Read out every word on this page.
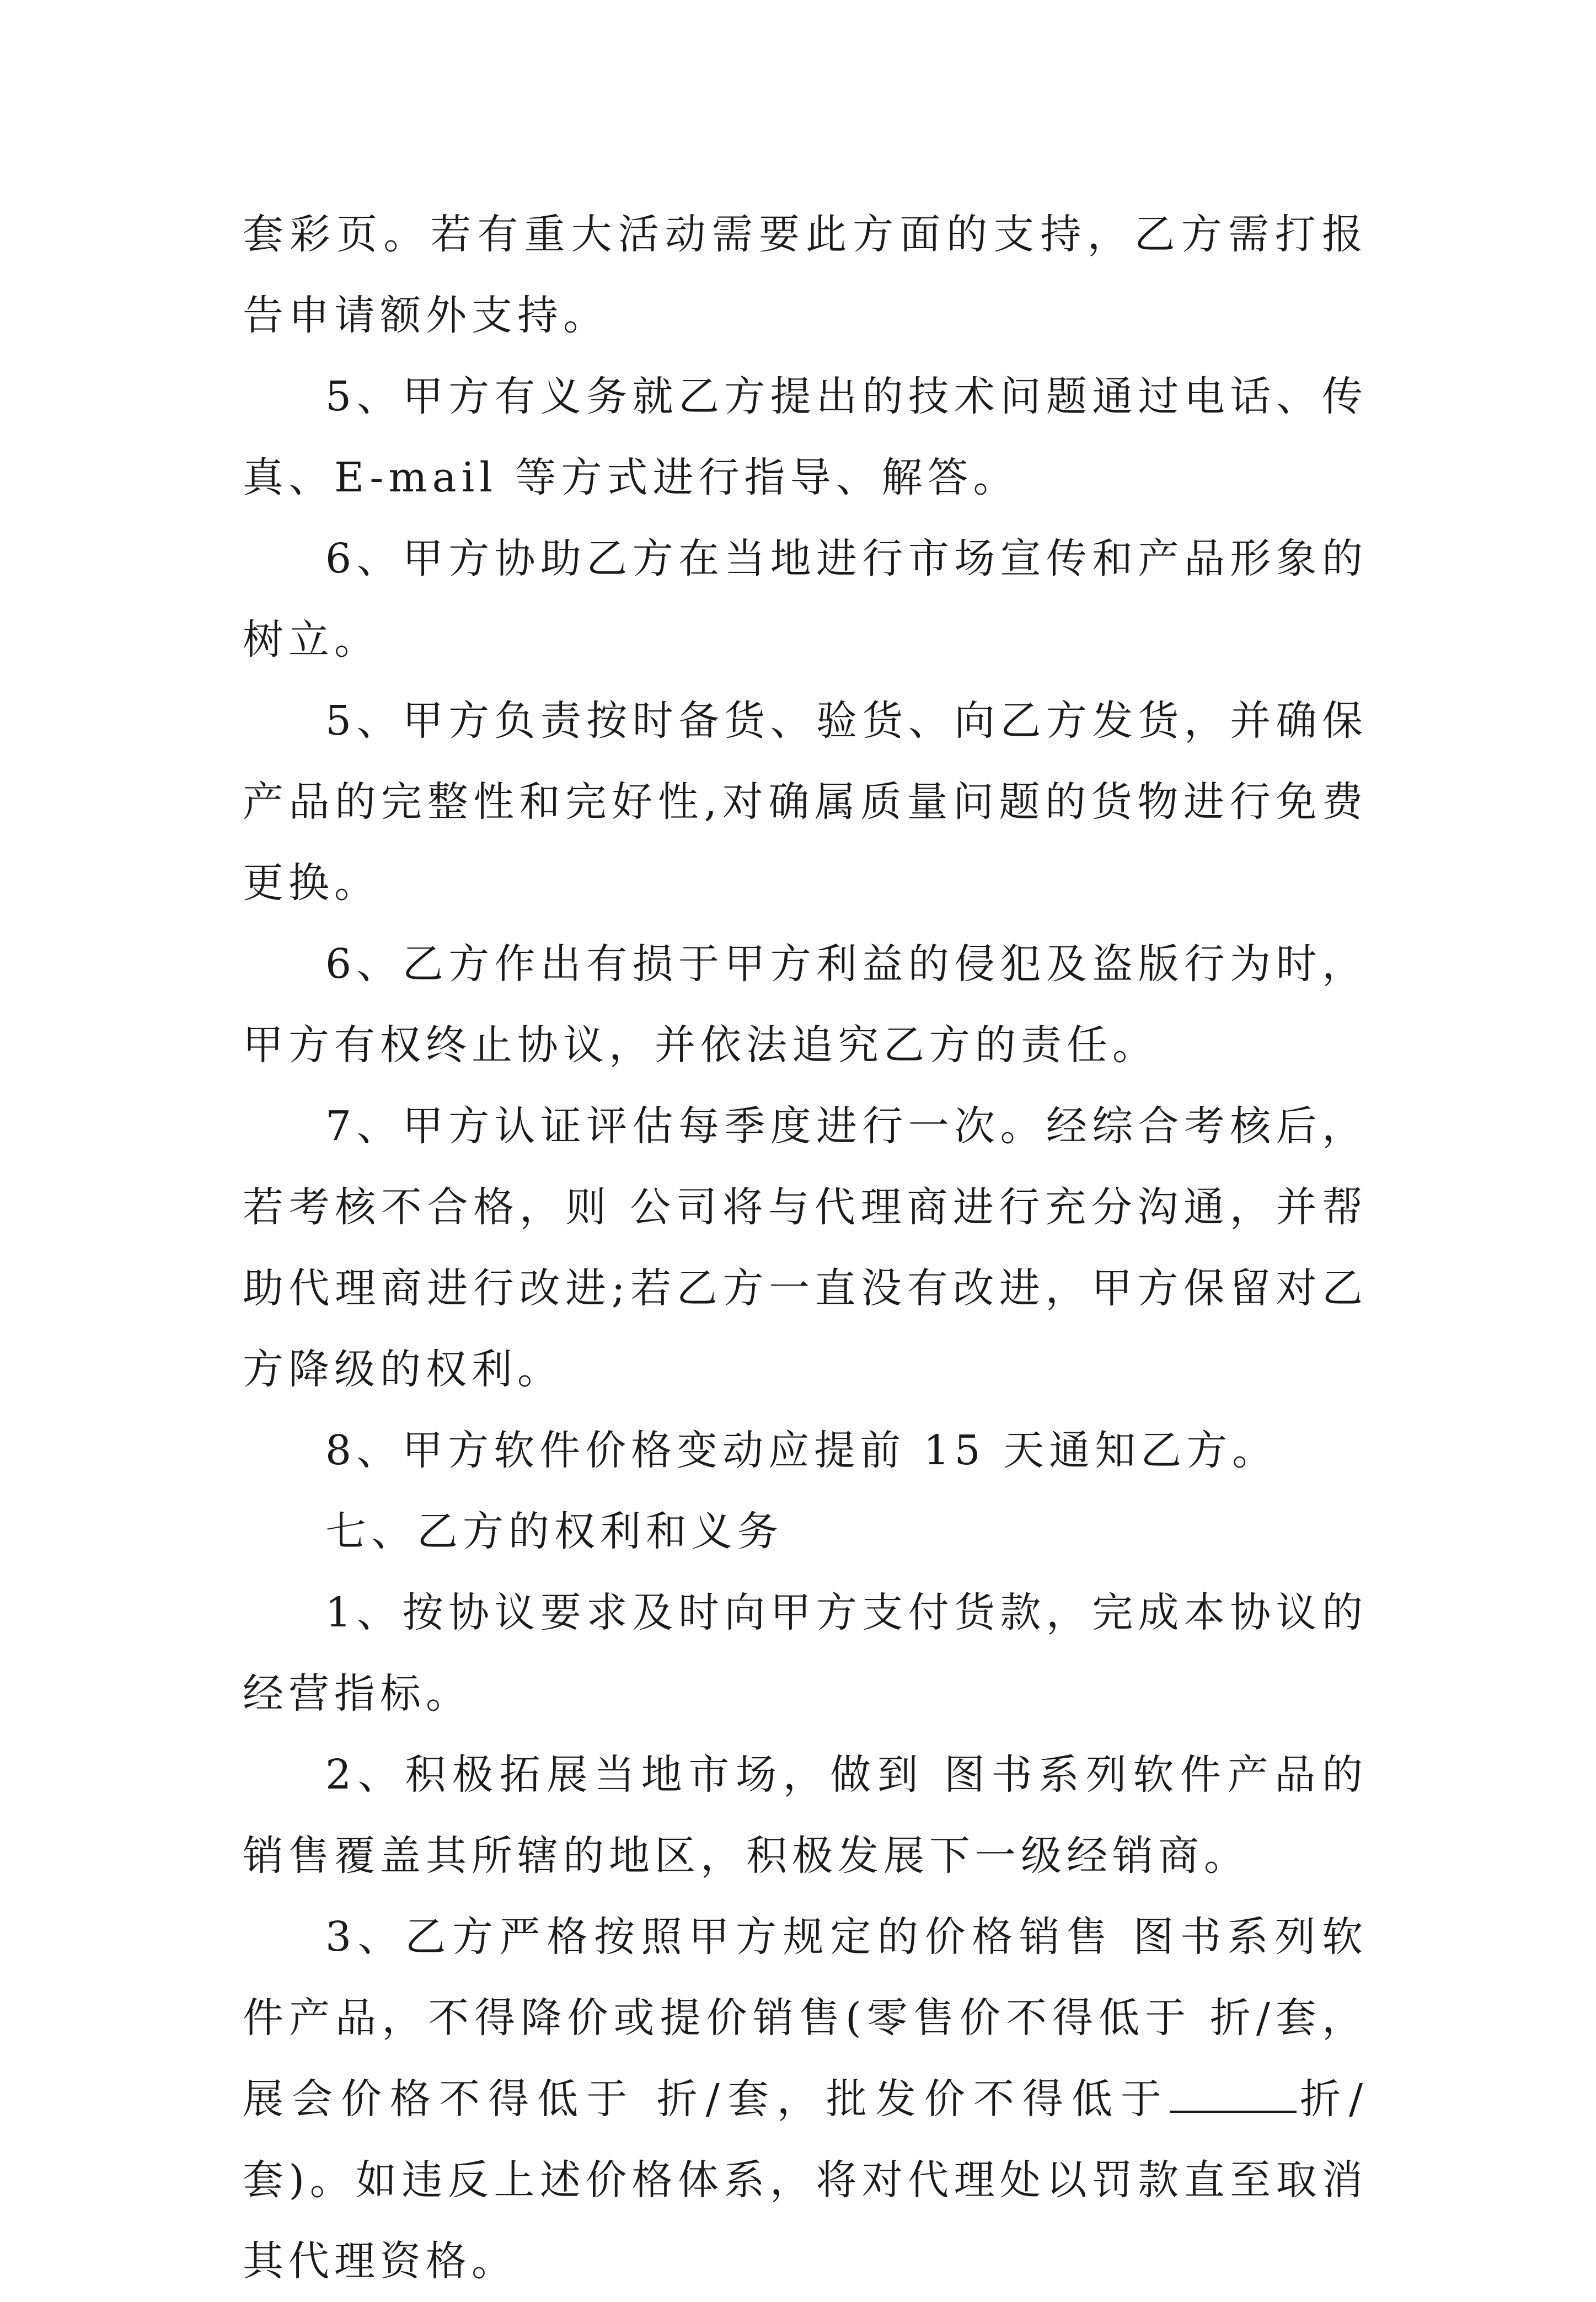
套彩页。若有重大活动需要此方面的支持，乙方需打报告申请额外支持。

5、甲方有义务就乙方提出的技术问题通过电话、传真、E-mail 等方式进行指导、解答。

6、甲方协助乙方在当地进行市场宣传和产品形象的树立。

5、甲方负责按时备货、验货、向乙方发货，并确保产品的完整性和完好性,对确属质量问题的货物进行免费更换。

6、乙方作出有损于甲方利益的侵犯及盗版行为时，甲方有权终止协议，并依法追究乙方的责任。

7、甲方认证评估每季度进行一次。经综合考核后，若考核不合格，则 公司将与代理商进行充分沟通，并帮助代理商进行改进;若乙方一直没有改进，甲方保留对乙方降级的权利。

8、甲方软件价格变动应提前 15 天通知乙方。

七、乙方的权利和义务

1、按协议要求及时向甲方支付货款，完成本协议的经营指标。

2、积极拓展当地市场，做到 图书系列软件产品的销售覆盖其所辖的地区，积极发展下一级经销商。

3、乙方严格按照甲方规定的价格销售 图书系列软件产品，不得降价或提价销售(零售价不得低于 折/套，展会价格不得低于 折/套，批发价不得低于	折/套)。如违反上述价格体系，将对代理处以罚款直至取消其代理资格。
